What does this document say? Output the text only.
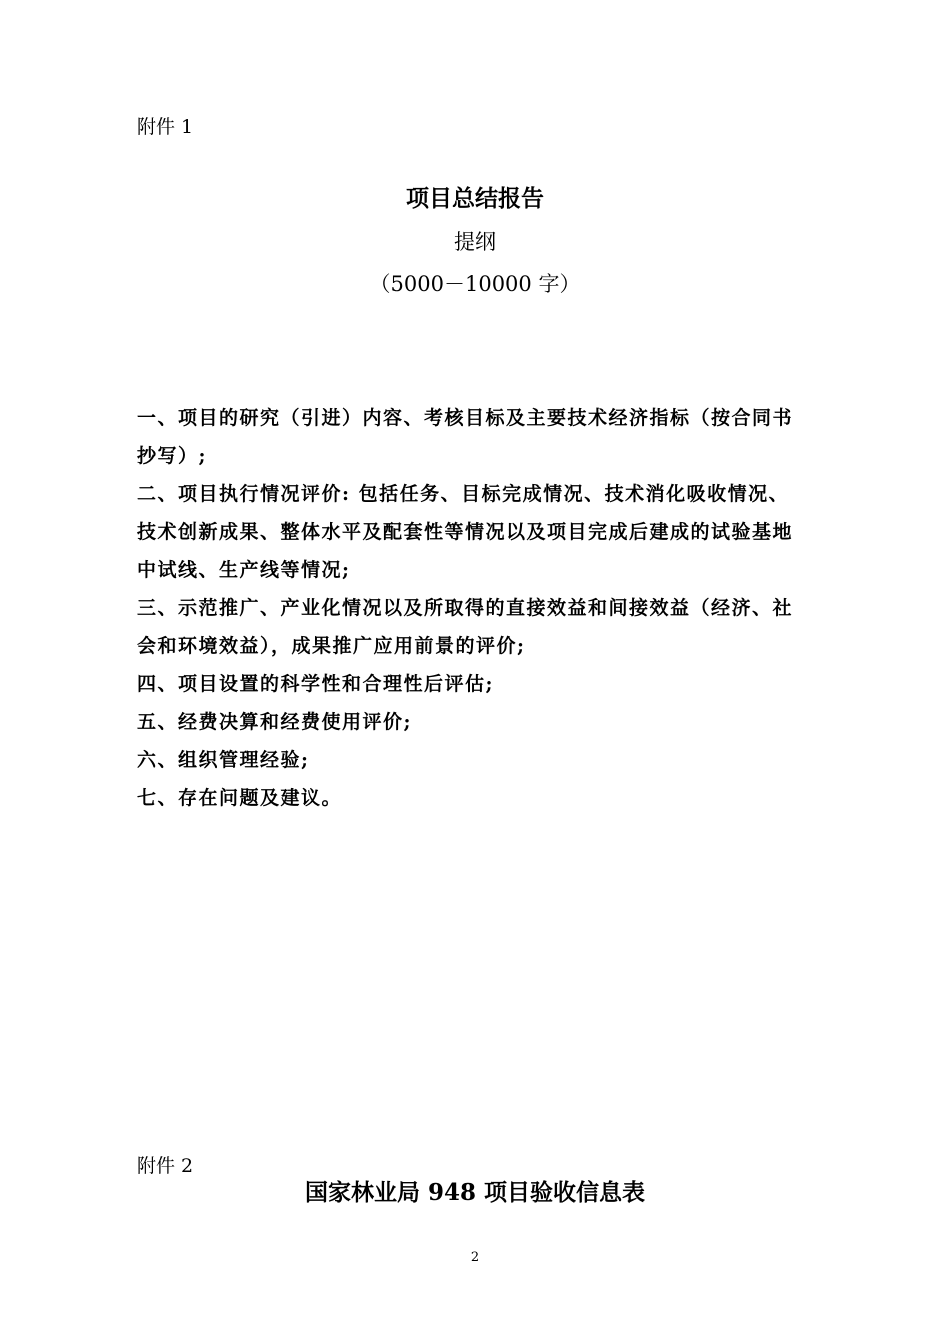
附件 1
项目总结报告
提纲
（5000－10000 字）
一、项目的研究（引进）内容、考核目标及主要技术经济指标（按合同书
抄写）;
二、项目执行情况评价: 包括任务、目标完成情况、技术消化吸收情况、
技术创新成果、整体水平及配套性等情况以及项目完成后建成的试验基地
中试线、生产线等情况;
三、示范推广、产业化情况以及所取得的直接效益和间接效益（经济、社
会和环境效益），成果推广应用前景的评价;
四、项目设置的科学性和合理性后评估;
五、经费决算和经费使用评价;
六、组织管理经验;
七、存在问题及建议。
附件 2
国家林业局 948 项目验收信息表
2
